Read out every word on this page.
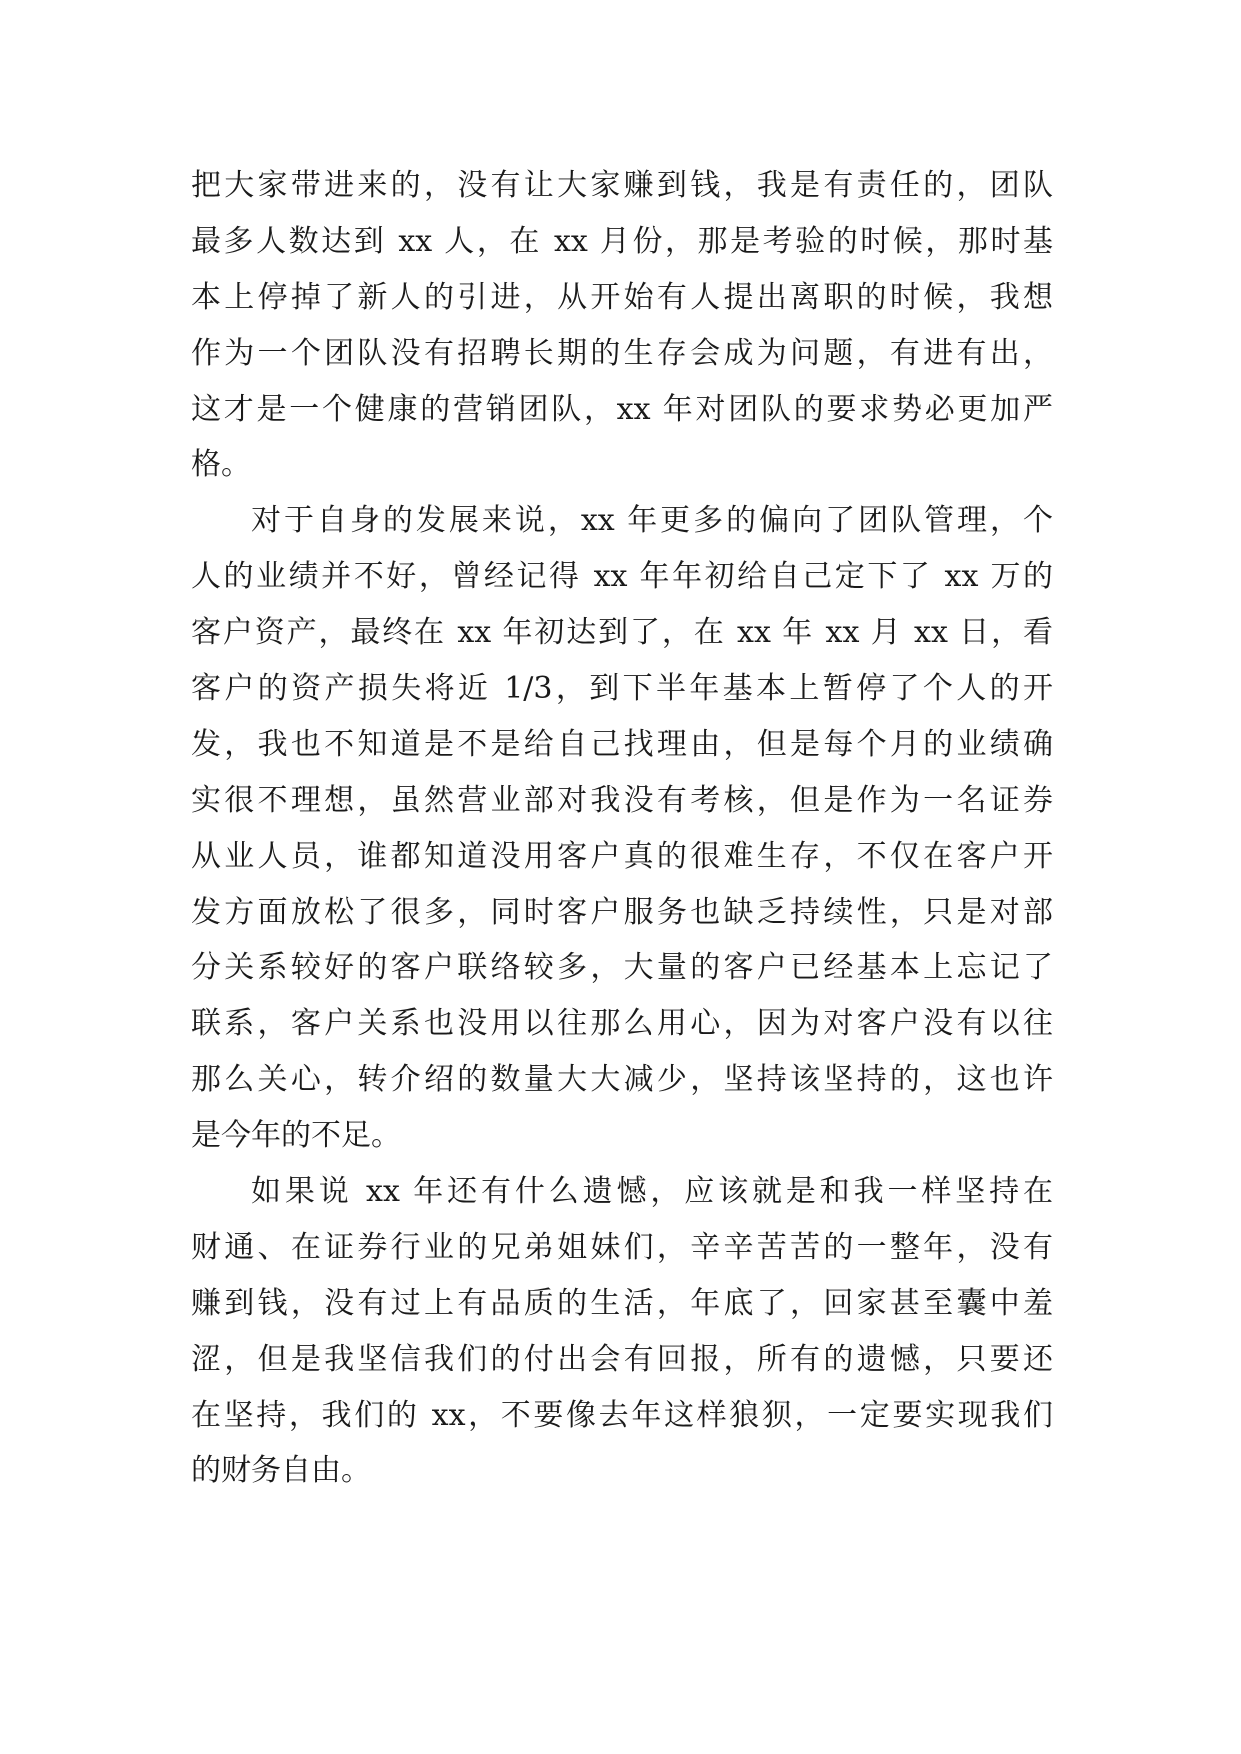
把大家带进来的，没有让大家赚到钱，我是有责任的，团队
最多人数达到 xx 人，在 xx 月份，那是考验的时候，那时基
本上停掉了新人的引进，从开始有人提出离职的时候，我想
作为一个团队没有招聘长期的生存会成为问题，有进有出，
这才是一个健康的营销团队，xx 年对团队的要求势必更加严
格。
对于自身的发展来说，xx 年更多的偏向了团队管理，个
人的业绩并不好，曾经记得 xx 年年初给自己定下了 xx 万的
客户资产，最终在 xx 年初达到了，在 xx 年 xx 月 xx 日，看
客户的资产损失将近 1/3，到下半年基本上暂停了个人的开
发，我也不知道是不是给自己找理由，但是每个月的业绩确
实很不理想，虽然营业部对我没有考核，但是作为一名证券
从业人员，谁都知道没用客户真的很难生存，不仅在客户开
发方面放松了很多，同时客户服务也缺乏持续性，只是对部
分关系较好的客户联络较多，大量的客户已经基本上忘记了
联系，客户关系也没用以往那么用心，因为对客户没有以往
那么关心，转介绍的数量大大减少，坚持该坚持的，这也许
是今年的不足。
如果说 xx 年还有什么遗憾，应该就是和我一样坚持在
财通、在证券行业的兄弟姐妹们，辛辛苦苦的一整年，没有
赚到钱，没有过上有品质的生活，年底了，回家甚至囊中羞
涩，但是我坚信我们的付出会有回报，所有的遗憾，只要还
在坚持，我们的 xx，不要像去年这样狼狈，一定要实现我们
的财务自由。
